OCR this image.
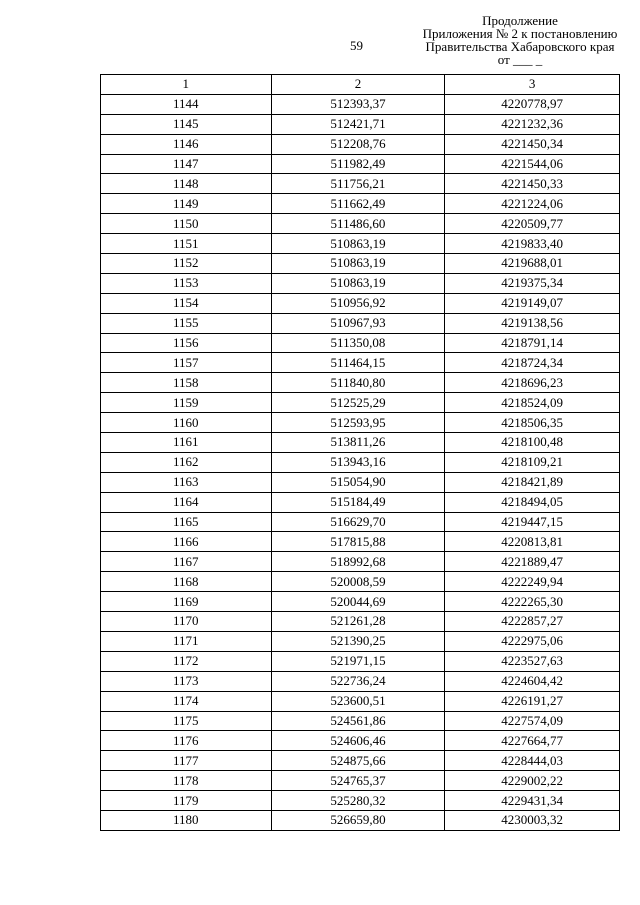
59
Продолжение
Приложения № 2 к постановлению
Правительства Хабаровского края
от ___ _
1	2	3
1144	512393,37	4220778,97
1145	512421,71	4221232,36
1146	512208,76	4221450,34
1147	511982,49	4221544,06
1148	511756,21	4221450,33
1149	511662,49	4221224,06
1150	511486,60	4220509,77
1151	510863,19	4219833,40
1152	510863,19	4219688,01
1153	510863,19	4219375,34
1154	510956,92	4219149,07
1155	510967,93	4219138,56
1156	511350,08	4218791,14
1157	511464,15	4218724,34
1158	511840,80	4218696,23
1159	512525,29	4218524,09
1160	512593,95	4218506,35
1161	513811,26	4218100,48
1162	513943,16	4218109,21
1163	515054,90	4218421,89
1164	515184,49	4218494,05
1165	516629,70	4219447,15
1166	517815,88	4220813,81
1167	518992,68	4221889,47
1168	520008,59	4222249,94
1169	520044,69	4222265,30
1170	521261,28	4222857,27
1171	521390,25	4222975,06
1172	521971,15	4223527,63
1173	522736,24	4224604,42
1174	523600,51	4226191,27
1175	524561,86	4227574,09
1176	524606,46	4227664,77
1177	524875,66	4228444,03
1178	524765,37	4229002,22
1179	525280,32	4229431,34
1180	526659,80	4230003,32
